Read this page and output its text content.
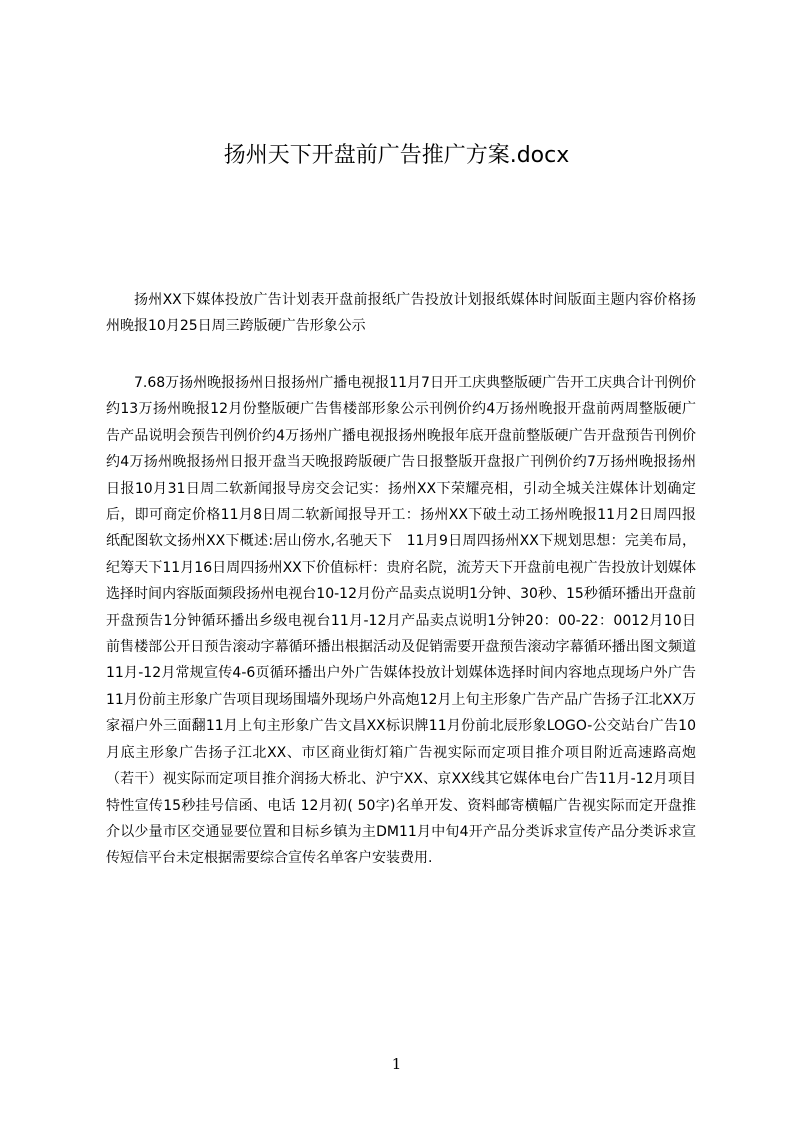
扬州天下开盘前广告推广方案.docx

扬州XX下媒体投放广告计划表开盘前报纸广告投放计划报纸媒体时间版面主题内容价格扬州晚报10月25日周三跨版硬广告形象公示

7.68万扬州晚报扬州日报扬州广播电视报11月7日开工庆典整版硬广告开工庆典合计刊例价约13万扬州晚报12月份整版硬广告售楼部形象公示刊例价约4万扬州晚报开盘前两周整版硬广告产品说明会预告刊例价约4万扬州广播电视报扬州晚报年底开盘前整版硬广告开盘预告刊例价约4万扬州晚报扬州日报开盘当天晚报跨版硬广告日报整版开盘报广刊例价约7万扬州晚报扬州日报10月31日周二软新闻报导房交会记实：扬州XX下荣耀亮相，引动全城关注媒体计划确定后，即可商定价格11月8日周二软新闻报导开工：扬州XX下破土动工扬州晚报11月2日周四报纸配图软文扬州XX下概述:居山傍水,名驰天下　11月9日周四扬州XX下规划思想：完美布局，纪筹天下11月16日周四扬州XX下价值标杆：贵府名院，流芳天下开盘前电视广告投放计划媒体选择时间内容版面频段扬州电视台10-12月份产品卖点说明1分钟、30秒、15秒循环播出开盘前开盘预告1分钟循环播出乡级电视台11月-12月产品卖点说明1分钟20：00-22：0012月10日前售楼部公开日预告滚动字幕循环播出根据活动及促销需要开盘预告滚动字幕循环播出图文频道11月-12月常规宣传4-6页循环播出户外广告媒体投放计划媒体选择时间内容地点现场户外广告11月份前主形象广告项目现场围墙外现场户外高炮12月上旬主形象广告产品广告扬子江北XX万家福户外三面翻11月上旬主形象广告文昌XX标识牌11月份前北辰形象LOGO-公交站台广告10月底主形象广告扬子江北XX、市区商业街灯箱广告视实际而定项目推介项目附近高速路高炮（若干）视实际而定项目推介润扬大桥北、沪宁XX、京XX线其它媒体电台广告11月-12月项目特性宣传15秒挂号信函、电话 12月初( 50字)名单开发、资料邮寄横幅广告视实际而定开盘推介以少量市区交通显要位置和目标乡镇为主DM11月中旬4开产品分类诉求宣传产品分类诉求宣传短信平台未定根据需要综合宣传名单客户安装费用.

1
